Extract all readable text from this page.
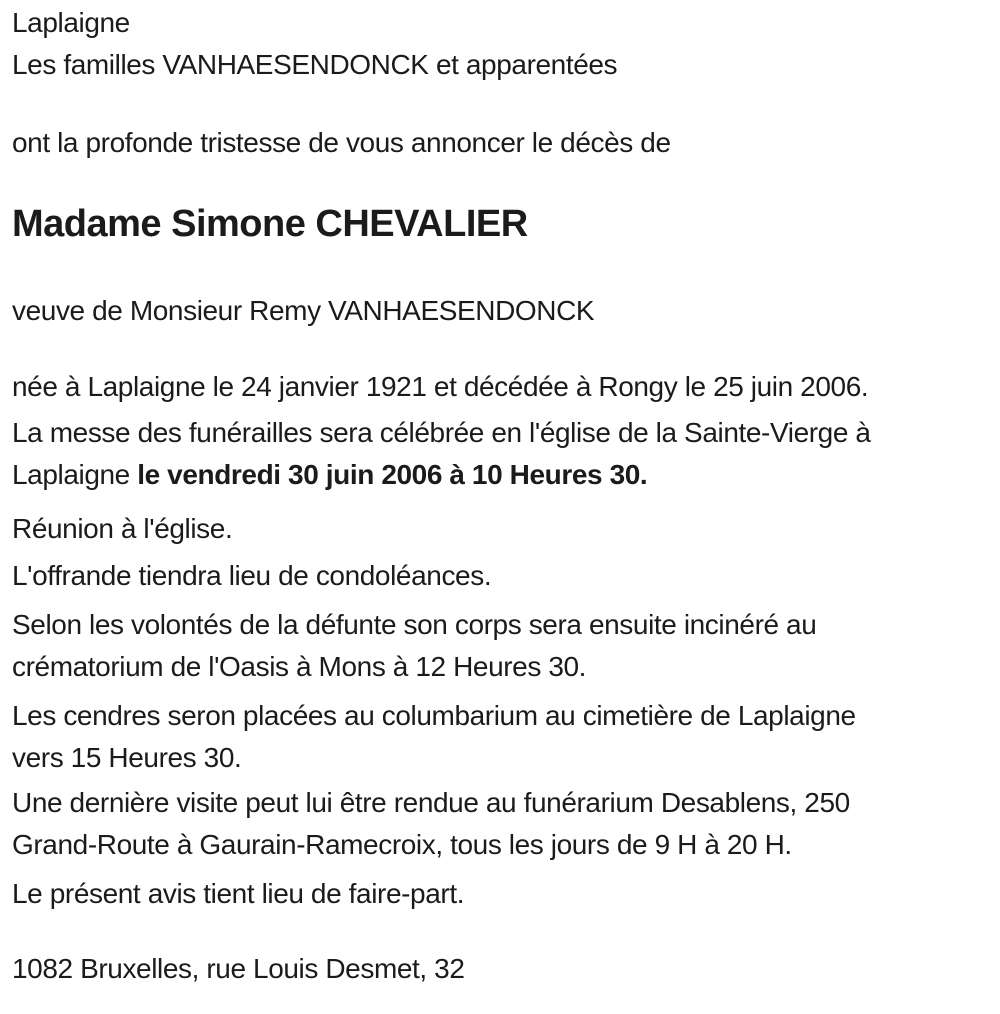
Laplaigne
Les familles VANHAESENDONCK et apparentées
ont la profonde tristesse de vous annoncer le décès de
Madame Simone CHEVALIER
veuve de Monsieur Remy VANHAESENDONCK
née à Laplaigne le 24 janvier 1921 et décédée à Rongy le 25 juin 2006.
La messe des funérailles sera célébrée en l'église de la Sainte-Vierge à
Laplaigne le vendredi 30 juin 2006 à 10 Heures 30.
Réunion à l'église.
L'offrande tiendra lieu de condoléances.
Selon les volontés de la défunte son corps sera ensuite incinéré au
crématorium de l'Oasis à Mons à 12 Heures 30.
Les cendres seron placées au columbarium au cimetière de Laplaigne
vers 15 Heures 30.
Une dernière visite peut lui être rendue au funérarium Desablens, 250
Grand-Route à Gaurain-Ramecroix, tous les jours de 9 H à 20 H.
Le présent avis tient lieu de faire-part.
1082 Bruxelles, rue Louis Desmet, 32
